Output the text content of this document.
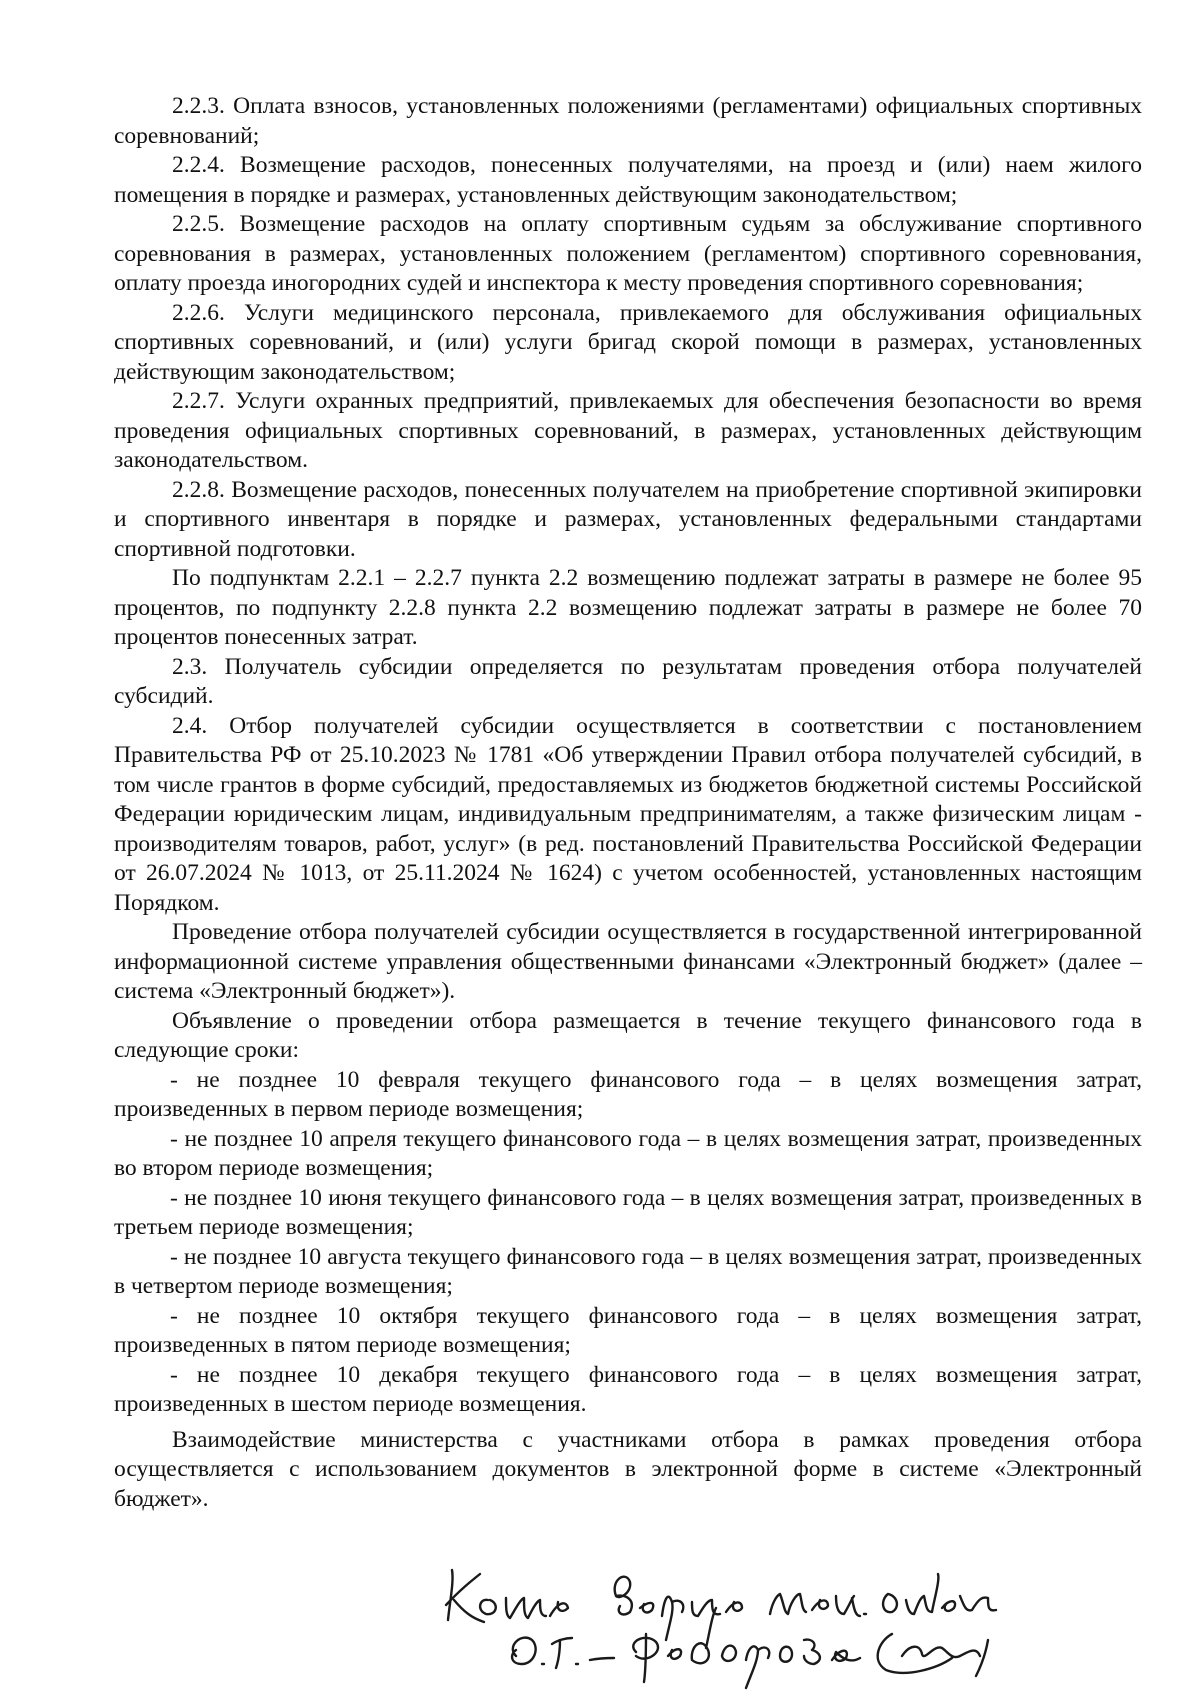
2.2.3. Оплата взносов, установленных положениями (регламентами) официальных спортивных соревнований;

2.2.4. Возмещение расходов, понесенных получателями, на проезд и (или) наем жилого помещения в порядке и размерах, установленных действующим законодательством;

2.2.5. Возмещение расходов на оплату спортивным судьям за обслуживание спортивного соревнования в размерах, установленных положением (регламентом) спортивного соревнования, оплату проезда иногородних судей и инспектора к месту проведения спортивного соревнования;

2.2.6. Услуги медицинского персонала, привлекаемого для обслуживания официальных спортивных соревнований, и (или) услуги бригад скорой помощи в размерах, установленных действующим законодательством;

2.2.7. Услуги охранных предприятий, привлекаемых для обеспечения безопасности во время проведения официальных спортивных соревнований, в размерах, установленных действующим законодательством.

2.2.8. Возмещение расходов, понесенных получателем на приобретение спортивной экипировки и спортивного инвентаря в порядке и размерах, установленных федеральными стандартами спортивной подготовки.

По подпунктам 2.2.1 – 2.2.7 пункта 2.2 возмещению подлежат затраты в размере не более 95 процентов, по подпункту 2.2.8 пункта 2.2 возмещению подлежат затраты в размере не более 70 процентов понесенных затрат.

2.3. Получатель субсидии определяется по результатам проведения отбора получателей субсидий.

2.4. Отбор получателей субсидии осуществляется в соответствии с постановлением Правительства РФ от 25.10.2023 № 1781 «Об утверждении Правил отбора получателей субсидий, в том числе грантов в форме субсидий, предоставляемых из бюджетов бюджетной системы Российской Федерации юридическим лицам, индивидуальным предпринимателям, а также физическим лицам - производителям товаров, работ, услуг» (в ред. постановлений Правительства Российской Федерации от 26.07.2024 № 1013, от 25.11.2024 № 1624) с учетом особенностей, установленных настоящим Порядком.

Проведение отбора получателей субсидии осуществляется в государственной интегрированной информационной системе управления общественными финансами «Электронный бюджет» (далее – система «Электронный бюджет»).

Объявление о проведении отбора размещается в течение текущего финансового года в следующие сроки:

- не позднее 10 февраля текущего финансового года – в целях возмещения затрат, произведенных в первом периоде возмещения;

- не позднее 10 апреля текущего финансового года – в целях возмещения затрат, произведенных во втором периоде возмещения;

- не позднее 10 июня текущего финансового года – в целях возмещения затрат, произведенных в третьем периоде возмещения;

- не позднее 10 августа текущего финансового года – в целях возмещения затрат, произведенных в четвертом периоде возмещения;

- не позднее 10 октября текущего финансового года – в целях возмещения затрат, произведенных в пятом периоде возмещения;

- не позднее 10 декабря текущего финансового года – в целях возмещения затрат, произведенных в шестом периоде возмещения.

Взаимодействие министерства с участниками отбора в рамках проведения отбора осуществляется с использованием документов в электронной форме в системе «Электронный бюджет».
